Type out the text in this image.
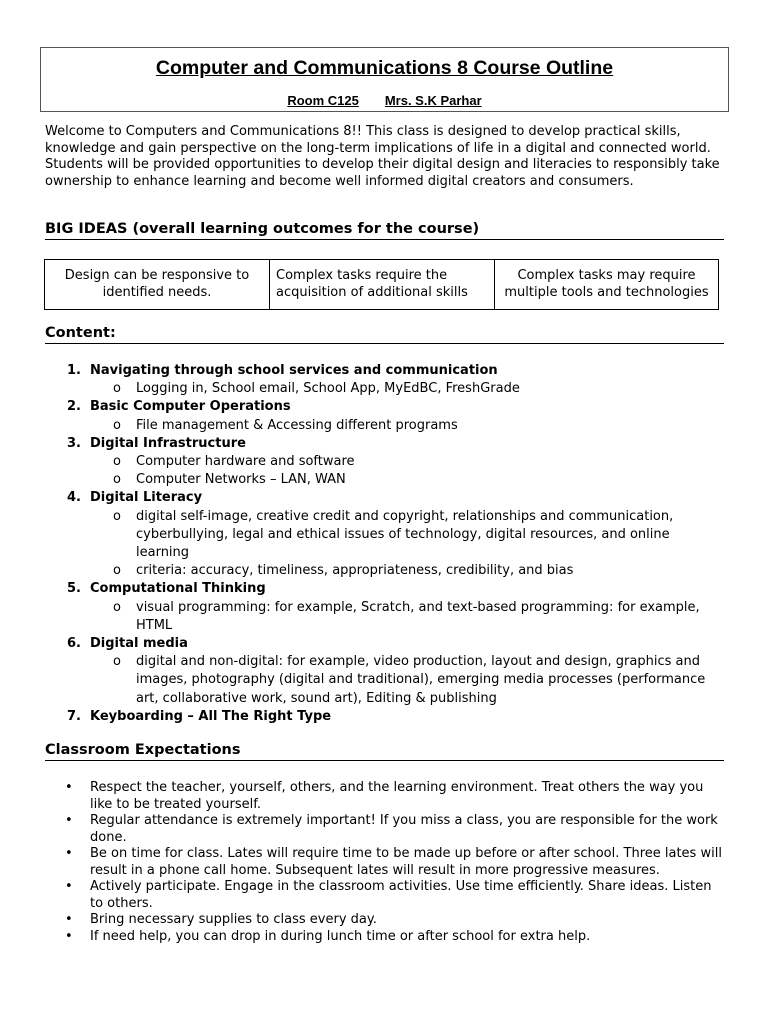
Computer and Communications 8 Course Outline
Room C125 Mrs. S.K Parhar
Welcome to Computers and Communications 8!! This class is designed to develop practical skills, knowledge and gain perspective on the long-term implications of life in a digital and connected world. Students will be provided opportunities to develop their digital design and literacies to responsibly take ownership to enhance learning and become well informed digital creators and consumers.
BIG IDEAS (overall learning outcomes for the course)
Design can be responsive to identified needs.	Complex tasks require the acquisition of additional skills	Complex tasks may require multiple tools and technologies
Content:
1. Navigating through school services and communication
o Logging in, School email, School App, MyEdBC, FreshGrade
2. Basic Computer Operations
o File management & Accessing different programs
3. Digital Infrastructure
o Computer hardware and software
o Computer Networks – LAN, WAN
4. Digital Literacy
o digital self-image, creative credit and copyright, relationships and communication, cyberbullying, legal and ethical issues of technology, digital resources, and online learning
o criteria: accuracy, timeliness, appropriateness, credibility, and bias
5. Computational Thinking
o visual programming: for example, Scratch, and text-based programming: for example, HTML
6. Digital media
o digital and non-digital: for example, video production, layout and design, graphics and images, photography (digital and traditional), emerging media processes (performance art, collaborative work, sound art), Editing & publishing
7. Keyboarding – All The Right Type
Classroom Expectations
• Respect the teacher, yourself, others, and the learning environment. Treat others the way you like to be treated yourself.
• Regular attendance is extremely important! If you miss a class, you are responsible for the work done.
• Be on time for class. Lates will require time to be made up before or after school. Three lates will result in a phone call home. Subsequent lates will result in more progressive measures.
• Actively participate. Engage in the classroom activities. Use time efficiently. Share ideas. Listen to others.
• Bring necessary supplies to class every day.
• If need help, you can drop in during lunch time or after school for extra help.
